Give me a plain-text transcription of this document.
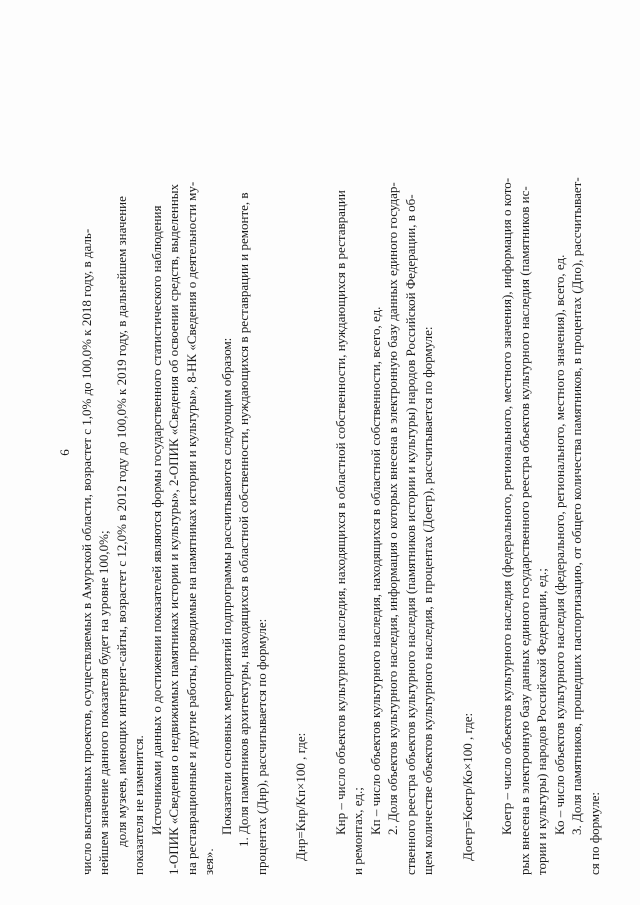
6 число выставочных проектов, осуществляемых в Амурской области, возрастет с 1,0% до 100,0% к 2018 году, в даль- нейшем значение данного показателя будет на уровне 100,0%; доля музеев, имеющих интернет-сайты, возрастет с 12,0% в 2012 году до 100,0% к 2019 году, в дальнейшем значение показателя не изменится. Источниками данных о достижении показателей являются формы государственного статистического наблюдения 1-ОПИК «Сведения о недвижимых памятниках истории и культуры», 2-ОПИК «Сведения об освоении средств, выделенных на реставрационные и другие работы, проводимые на памятниках истории и культуры», 8-НК «Сведения о деятельности му- зея».
Показатели основных мероприятий подпрограммы рассчитываются следующим образом: 1. Доля памятников архитектуры, находящихся в областной собственности, нуждающихся в реставрации и ремонте, в процентах (Днр), рассчитывается по формуле: Днр=Кнр/Кп×100 , где: Кнр – число объектов культурного наследия, находящихся в областной собственности, нуждающихся в реставрации и ремонтах, ед.; Кп – число объектов культурного наследия, находящихся в областной собственности, всего, ед. 2. Доля объектов культурного наследия, информация о которых внесена в электронную базу данных единого государ- ственного реестра объектов культурного наследия (памятников истории и культуры) народов Российской Федерации, в об- щем количестве объектов культурного наследия, в процентах (Доегр), рассчитывается по формуле: Доегр=Коегр/Ко×100 , где: Коегр – число объектов культурного наследия (федерального, регионального, местного значения), информация о кото- рых внесена в электронную базу данных единого государственного реестра объектов культурного наследия (памятников ис- тории и культуры) народов Российской Федерации, ед.; Ко – число объектов культурного наследия (федерального, регионального, местного значения), всего, ед. 3. Доля памятников, прошедших паспортизацию, от общего количества памятников, в процентах (Дпо), рассчитывает- ся по формуле:
